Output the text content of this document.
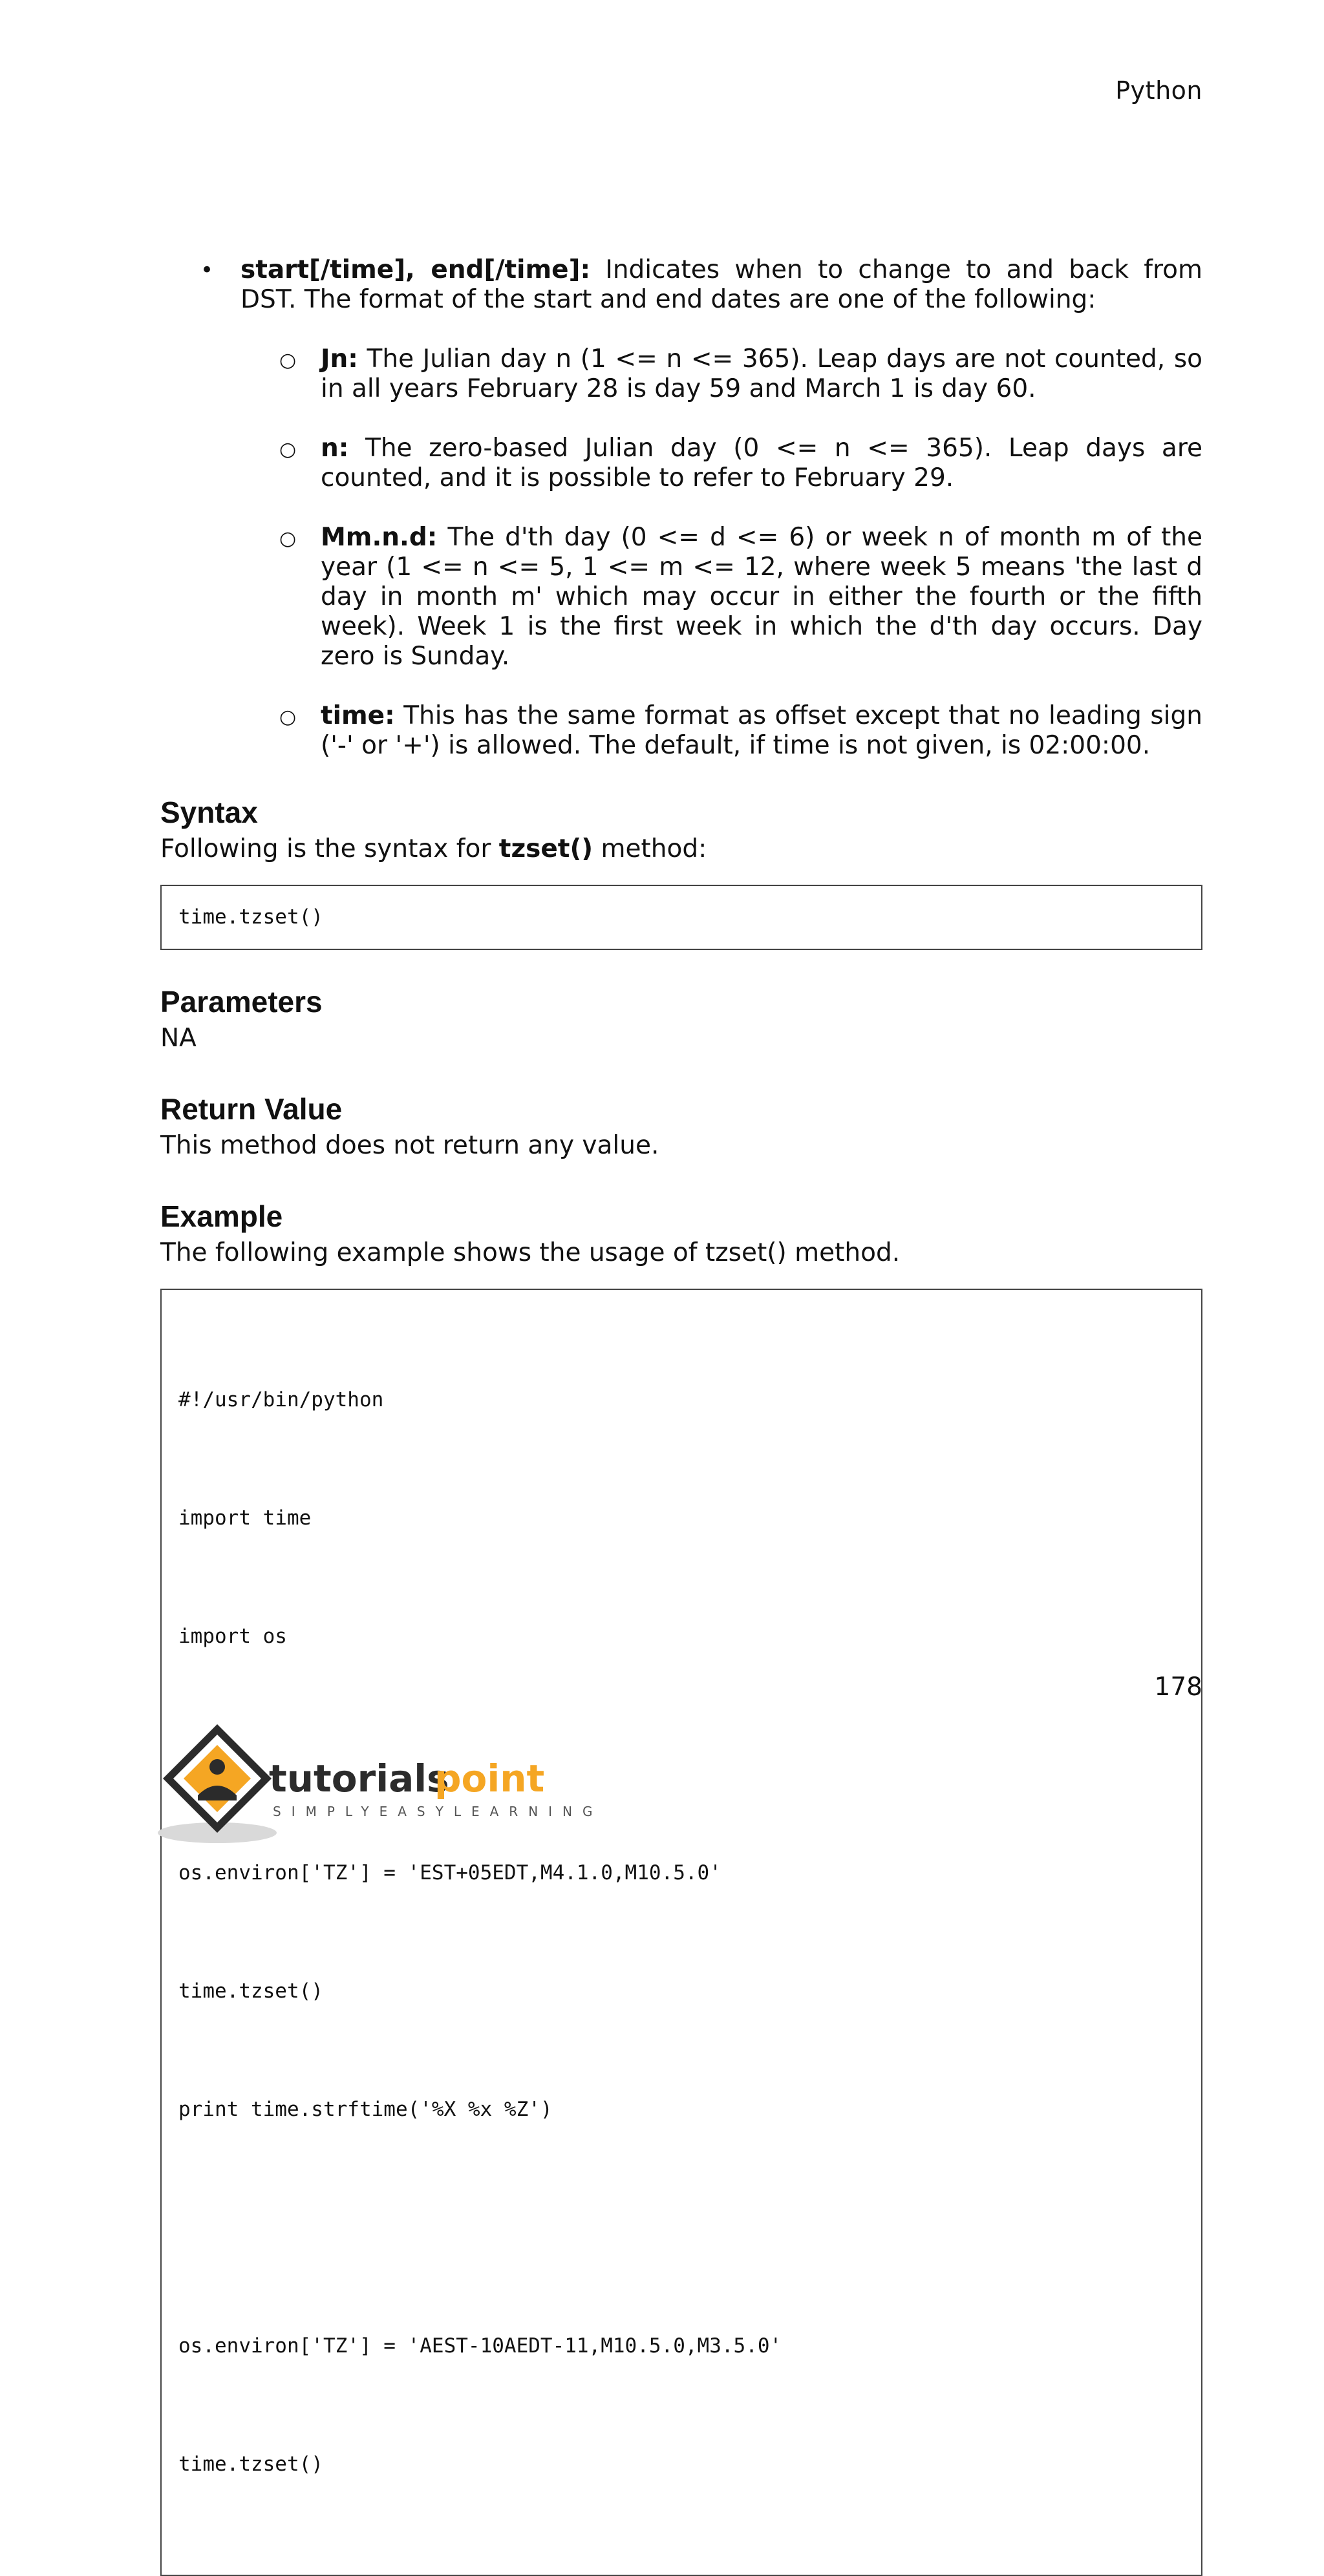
Python
• start[/time], end[/time]: Indicates when to change to and back from DST. The format of the start and end dates are one of the following:
○ Jn: The Julian day n (1 <= n <= 365). Leap days are not counted, so in all years February 28 is day 59 and March 1 is day 60.
○ n: The zero-based Julian day (0 <= n <= 365). Leap days are counted, and it is possible to refer to February 29.
○ Mm.n.d: The d'th day (0 <= d <= 6) or week n of month m of the year (1 <= n <= 5, 1 <= m <= 12, where week 5 means 'the last d day in month m' which may occur in either the fourth or the fifth week). Week 1 is the first week in which the d'th day occurs. Day zero is Sunday.
○ time: This has the same format as offset except that no leading sign ('-' or '+') is allowed. The default, if time is not given, is 02:00:00.
Syntax

Following is the syntax for tzset() method:

time.tzset()
Parameters

NA

Return Value

This method does not return any value.

Example

The following example shows the usage of tzset() method.

#!/usr/bin/python

import time

import os

os.environ['TZ'] = 'EST+05EDT,M4.1.0,M10.5.0'

time.tzset()

print time.strftime('%X %x %Z')

os.environ['TZ'] = 'AEST-10AEDT-11,M10.5.0,M3.5.0'

time.tzset()

178
tutorials
point
SIMPLYEASYLEARNING
